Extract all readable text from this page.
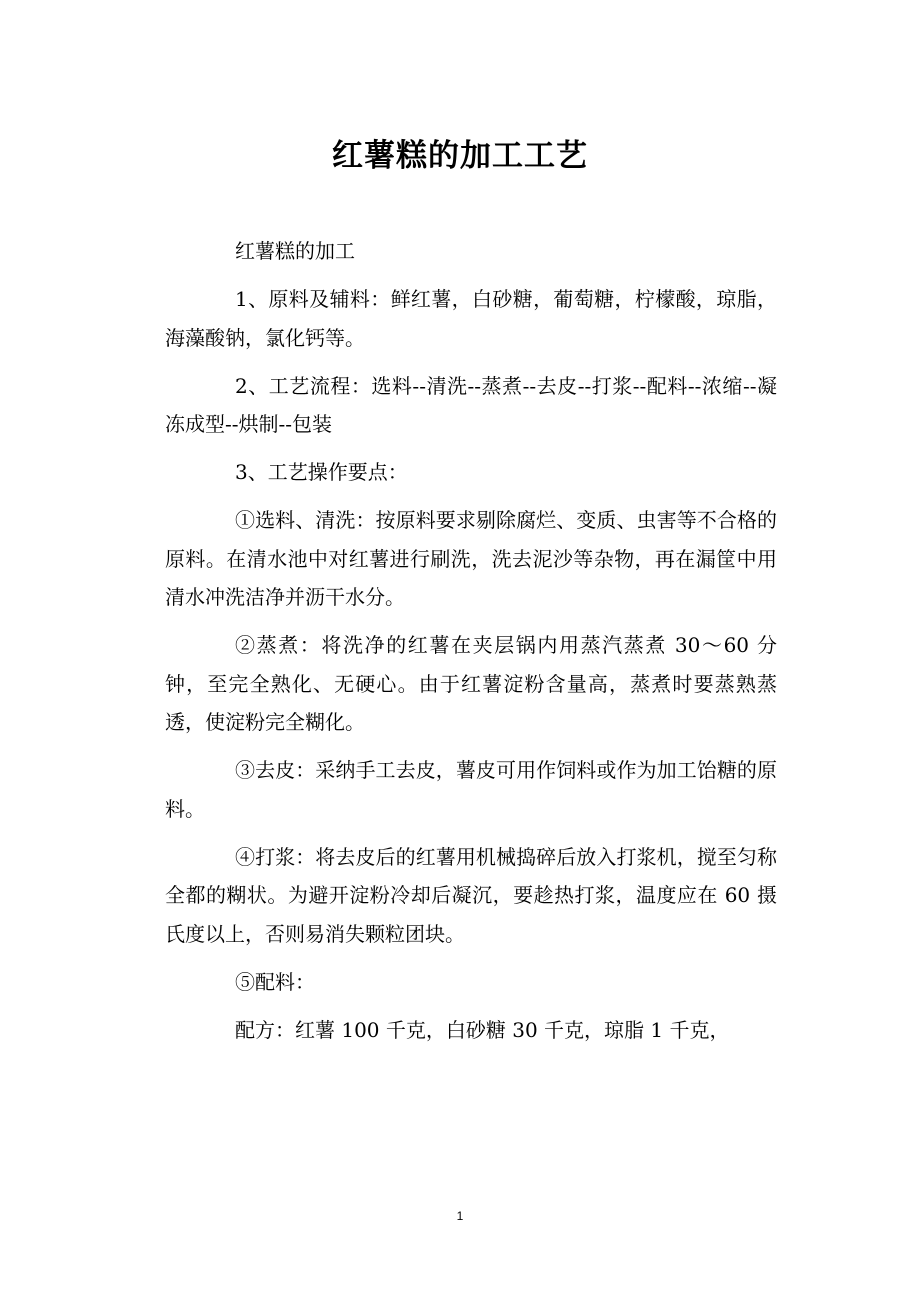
红薯糕的加工工艺

红薯糕的加工

1、原料及辅料：鲜红薯，白砂糖，葡萄糖，柠檬酸，琼脂，海藻酸钠，氯化钙等。

2、工艺流程：选料--清洗--蒸煮--去皮--打浆--配料--浓缩--凝冻成型--烘制--包装

3、工艺操作要点：

①选料、清洗：按原料要求剔除腐烂、变质、虫害等不合格的原料。在清水池中对红薯进行刷洗，洗去泥沙等杂物，再在漏筐中用清水冲洗洁净并沥干水分。

②蒸煮：将洗净的红薯在夹层锅内用蒸汽蒸煮 30～60 分钟，至完全熟化、无硬心。由于红薯淀粉含量高，蒸煮时要蒸熟蒸透，使淀粉完全糊化。

③去皮：采纳手工去皮，薯皮可用作饲料或作为加工饴糖的原料。

④打浆：将去皮后的红薯用机械捣碎后放入打浆机，搅至匀称全都的糊状。为避开淀粉冷却后凝沉，要趁热打浆，温度应在 60 摄氏度以上，否则易消失颗粒团块。

⑤配料：

配方：红薯 100 千克，白砂糖 30 千克，琼脂 1 千克，

1
